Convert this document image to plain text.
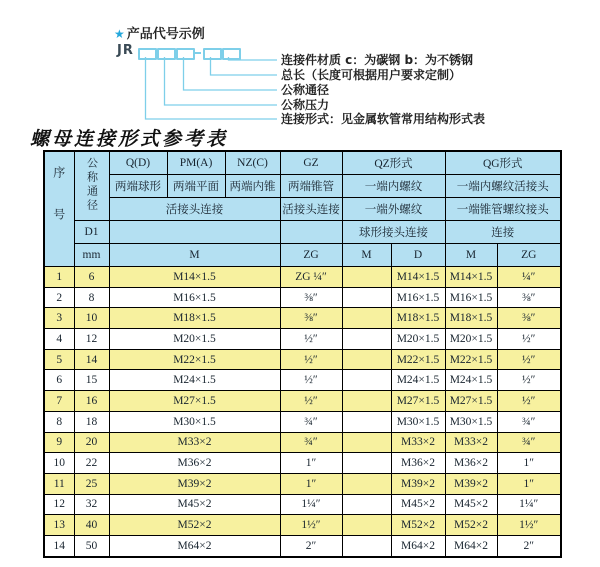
★ 产品代号示例
JR
连接件材质 c：为碳钢 b：为不锈钢
总长（长度可根据用户要求定制）
公称通径
公称压力
连接形式：见金属软管常用结构形式表
螺母连接形式参考表
序号	公称通径	Q(D)	PM(A)	NZ(C)	GZ	QZ形式		QG形式	
		两端球形	两端平面	两端内锥	两端锥管	一端内螺纹		一端内螺纹活接头	
		活接头连接			活接头连接	一端外螺纹		一端锥管螺纹接头	
	D1					球形接头连接		连接	
	mm	M			ZG	M	D	M	ZG
1	6	M14×1.5			ZG ¼″		M14×1.5	M14×1.5	¼″
2	8	M16×1.5			⅜″		M16×1.5	M16×1.5	⅜″
3	10	M18×1.5			⅜″		M18×1.5	M18×1.5	⅜″
4	12	M20×1.5			½″		M20×1.5	M20×1.5	½″
5	14	M22×1.5			½″		M22×1.5	M22×1.5	½″
6	15	M24×1.5			½″		M24×1.5	M24×1.5	½″
7	16	M27×1.5			½″		M27×1.5	M27×1.5	½″
8	18	M30×1.5			¾″		M30×1.5	M30×1.5	¾″
9	20	M33×2			¾″		M33×2	M33×2	¾″
10	22	M36×2			1″		M36×2	M36×2	1″
11	25	M39×2			1″		M39×2	M39×2	1″
12	32	M45×2			1¼″		M45×2	M45×2	1¼″
13	40	M52×2			1½″		M52×2	M52×2	1½″
14	50	M64×2			2″		M64×2	M64×2	2″
